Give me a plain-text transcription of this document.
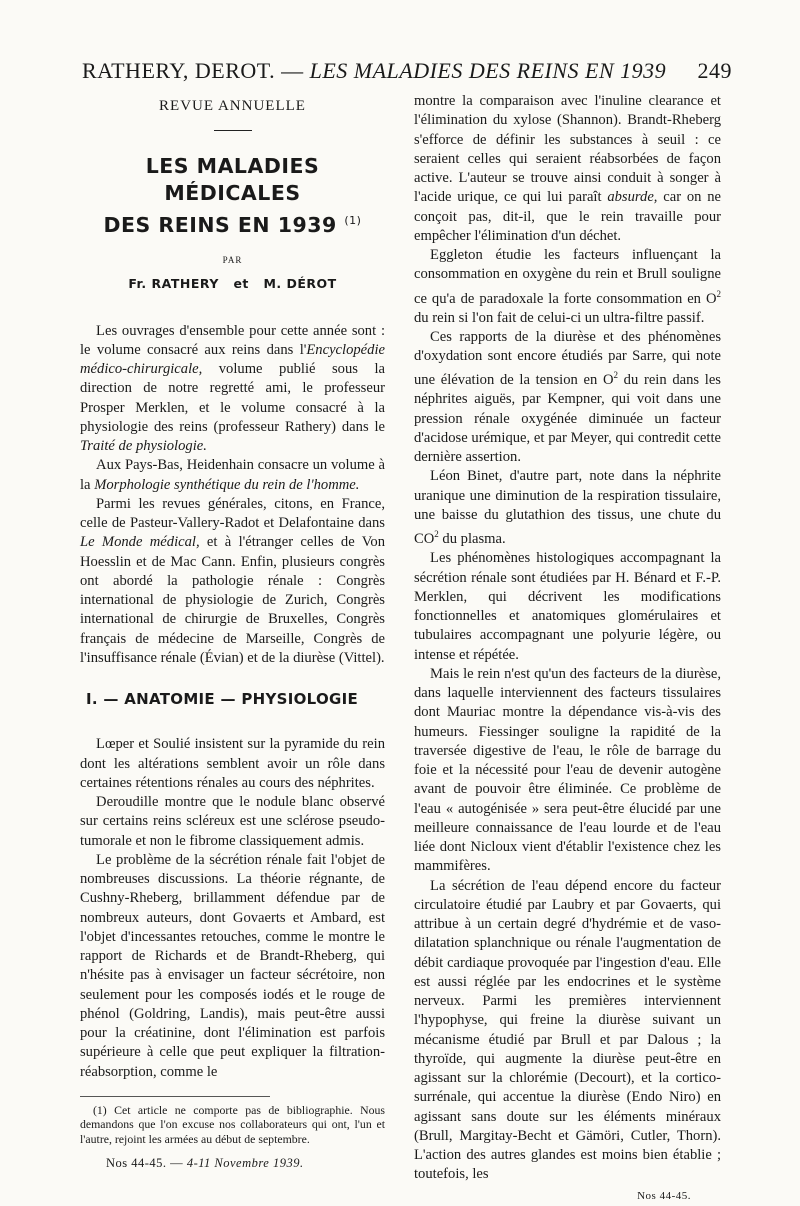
RATHERY, DEROT. — LES MALADIES DES REINS EN 1939 249
REVUE ANNUELLE
LES MALADIES MÉDICALES
DES REINS EN 1939 $^{(1)}$
PAR
Fr. RATHERY   et   M. DÉROT

Les ouvrages d'ensemble pour cette année sont : le volume consacré aux reins dans l'Encyclopédie médico-chirurgicale, volume publié sous la direction de notre regretté ami, le professeur Prosper Merklen, et le volume consacré à la physiologie des reins (professeur Rathery) dans le Traité de physiologie.

Aux Pays-Bas, Heidenhain consacre un volume à la Morphologie synthétique du rein de l'homme.

Parmi les revues générales, citons, en France, celle de Pasteur-Vallery-Radot et Delafontaine dans Le Monde médical, et à l'étranger celles de Von Hoesslin et de Mac Cann. Enfin, plusieurs congrès ont abordé la pathologie rénale : Congrès international de physiologie de Zurich, Congrès international de chirurgie de Bruxelles, Congrès français de médecine de Marseille, Congrès de l'insuffisance rénale (Évian) et de la diurèse (Vittel).

I. — ANATOMIE — PHYSIOLOGIE

Lœper et Soulié insistent sur la pyramide du rein dont les altérations semblent avoir un rôle dans certaines rétentions rénales au cours des néphrites.

Deroudille montre que le nodule blanc observé sur certains reins scléreux est une sclérose pseudo-tumorale et non le fibrome classiquement admis.

Le problème de la sécrétion rénale fait l'objet de nombreuses discussions. La théorie régnante, de Cushny-Rheberg, brillamment défendue par de nombreux auteurs, dont Govaerts et Ambard, est l'objet d'incessantes retouches, comme le montre le rapport de Richards et de Brandt-Rheberg, qui n'hésite pas à envisager un facteur sécrétoire, non seulement pour les composés iodés et le rouge de phénol (Goldring, Landis), mais peut-être aussi pour la créatinine, dont l'élimination est parfois supérieure à celle que peut expliquer la filtration-réabsorption, comme le

(1) Cet article ne comporte pas de bibliographie. Nous demandons que l'on excuse nos collaborateurs qui ont, l'un et l'autre, rejoint les armées au début de septembre.
Nos 44-45. — 4-11 Novembre 1939.

montre la comparaison avec l'inuline clearance et l'élimination du xylose (Shannon). Brandt-Rheberg s'efforce de définir les substances à seuil : ce seraient celles qui seraient réabsorbées de façon active. L'auteur se trouve ainsi conduit à songer à l'acide urique, ce qui lui paraît absurde, car on ne conçoit pas, dit-il, que le rein travaille pour empêcher l'élimination d'un déchet.

Eggleton étudie les facteurs influençant la consommation en oxygène du rein et Brull souligne ce qu'a de paradoxale la forte consommation en $O^2$ du rein si l'on fait de celui-ci un ultra-filtre passif.

Ces rapports de la diurèse et des phénomènes d'oxydation sont encore étudiés par Sarre, qui note une élévation de la tension en $O^2$ du rein dans les néphrites aiguës, par Kempner, qui voit dans une pression rénale oxygénée diminuée un facteur d'acidose urémique, et par Meyer, qui contredit cette dernière assertion.

Léon Binet, d'autre part, note dans la néphrite uranique une diminution de la respiration tissulaire, une baisse du glutathion des tissus, une chute du $CO^2$ du plasma.

Les phénomènes histologiques accompagnant la sécrétion rénale sont étudiées par H. Bénard et F.-P. Merklen, qui décrivent les modifications fonctionnelles et anatomiques glomérulaires et tubulaires accompagnant une polyurie légère, ou intense et répétée.

Mais le rein n'est qu'un des facteurs de la diurèse, dans laquelle interviennent des facteurs tissulaires dont Mauriac montre la dépendance vis-à-vis des humeurs. Fiessinger souligne la rapidité de la traversée digestive de l'eau, le rôle de barrage du foie et la nécessité pour l'eau de devenir autogène avant de pouvoir être éliminée. Ce problème de l'eau « autogénisée » sera peut-être élucidé par une meilleure connaissance de l'eau lourde et de l'eau liée dont Nicloux vient d'établir l'existence chez les mammifères.

La sécrétion de l'eau dépend encore du facteur circulatoire étudié par Laubry et par Govaerts, qui attribue à un certain degré d'hydrémie et de vaso-dilatation splanchnique ou rénale l'augmentation de débit cardiaque provoquée par l'ingestion d'eau. Elle est aussi réglée par les endocrines et le système nerveux. Parmi les premières interviennent l'hypophyse, qui freine la diurèse suivant un mécanisme étudié par Brull et par Dalous ; la thyroïde, qui augmente la diurèse peut-être en agissant sur la chlorémie (Decourt), et la cortico-surrénale, qui accentue la diurèse (Endo Niro) en agissant sans doute sur les éléments minéraux (Brull, Margitay-Becht et Gämöri, Cutler, Thorn). L'action des autres glandes est moins bien établie ; toutefois, les

Nos 44-45.
